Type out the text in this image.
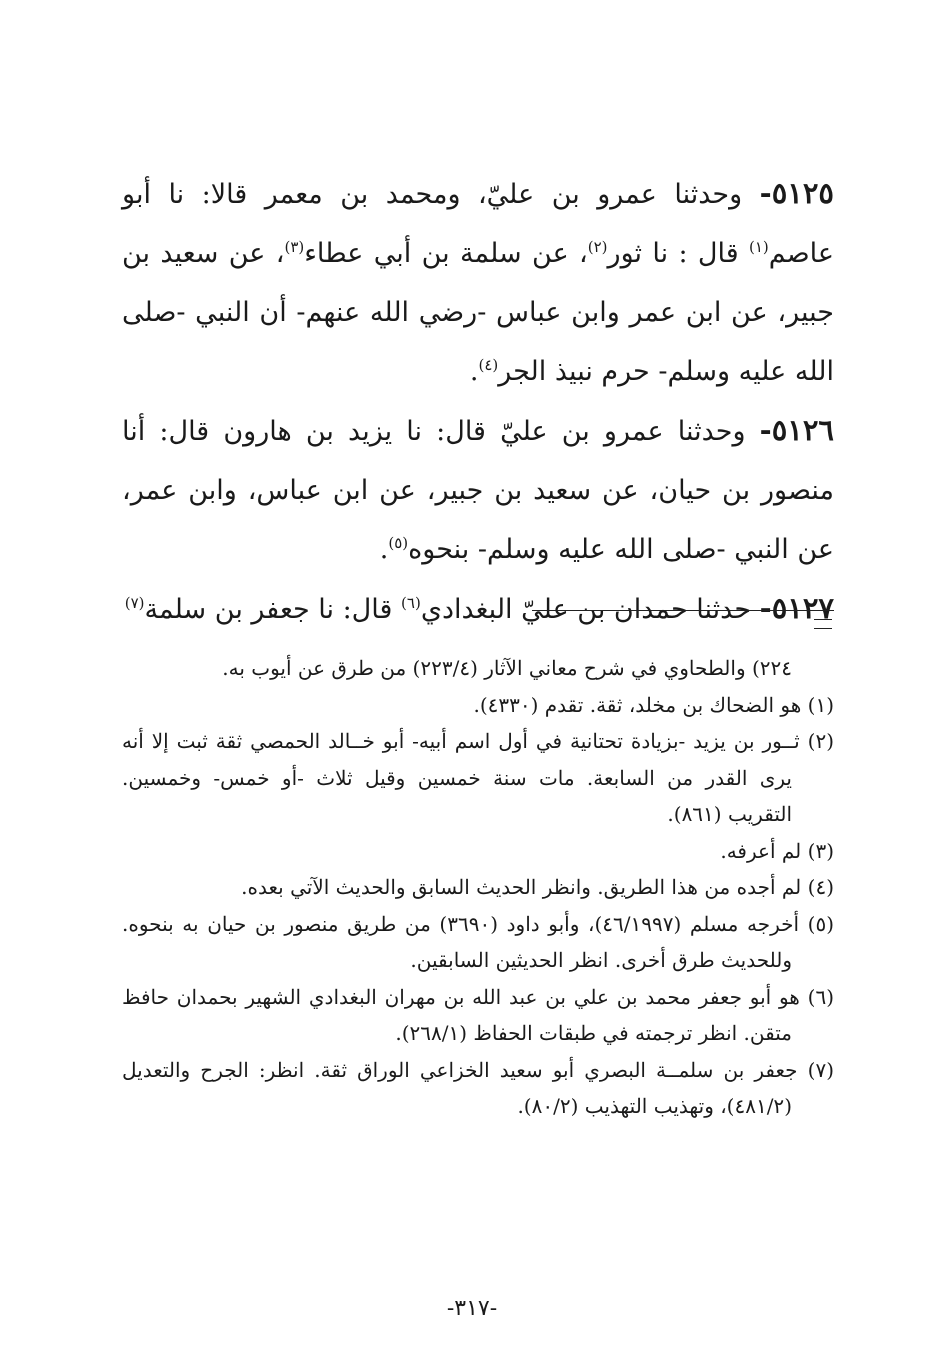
٥١٢٥- وحدثنا عمرو بن عليّ، ومحمد بن معمر قالا: نا أبو عاصم$^{(١)}$ قال : نا ثور$^{(٢)}$، عن سلمة بن أبي عطاء$^{(٣)}$، عن سعيد بن جبير، عن ابن عمر وابن عباس -رضي الله عنهم- أن النبي -صلى الله عليه وسلم- حرم نبيذ الجر$^{(٤)}$.

٥١٢٦- وحدثنا عمرو بن عليّ قال: نا يزيد بن هارون قال: أنا منصور بن حيان، عن سعيد بن جبير، عن ابن عباس، وابن عمر، عن النبي -صلى الله عليه وسلم- بنحوه$^{(٥)}$.

٥١٢٧- حدثنا حمدان بن عليّ البغدادي$^{(٦)}$ قال: نا جعفر بن سلمة$^{(٧)}$

٢٢٤) والطحاوي في شرح معاني الآثار (٢٢٣/٤) من طرق عن أيوب به.

(١) هو الضحاك بن مخلد، ثقة. تقدم (٤٣٣٠).

(٢) ثــور بن يزيد -بزيادة تحتانية في أول اسم أبيه- أبو خــالد الحمصي ثقة ثبت إلا أنه يرى القدر من السابعة. مات سنة خمسين وقيل ثلاث -أو خمس- وخمسين. التقريب (٨٦١).

(٣) لم أعرفه.

(٤) لم أجده من هذا الطريق. وانظر الحديث السابق والحديث الآتي بعده.

(٥) أخرجه مسلم (٤٦/١٩٩٧)، وأبو داود (٣٦٩٠) من طريق منصور بن حيان به بنحوه. وللحديث طرق أخرى. انظر الحديثين السابقين.

(٦) هو أبو جعفر محمد بن علي بن عبد الله بن مهران البغدادي الشهير بحمدان حافظ متقن. انظر ترجمته في طبقات الحفاظ (٢٦٨/١).

(٧) جعفر بن سلمــة البصري أبو سعيد الخزاعي الوراق ثقة. انظر: الجرح والتعديل (٤٨١/٢)، وتهذيب التهذيب (٨٠/٢).

-٣١٧-
